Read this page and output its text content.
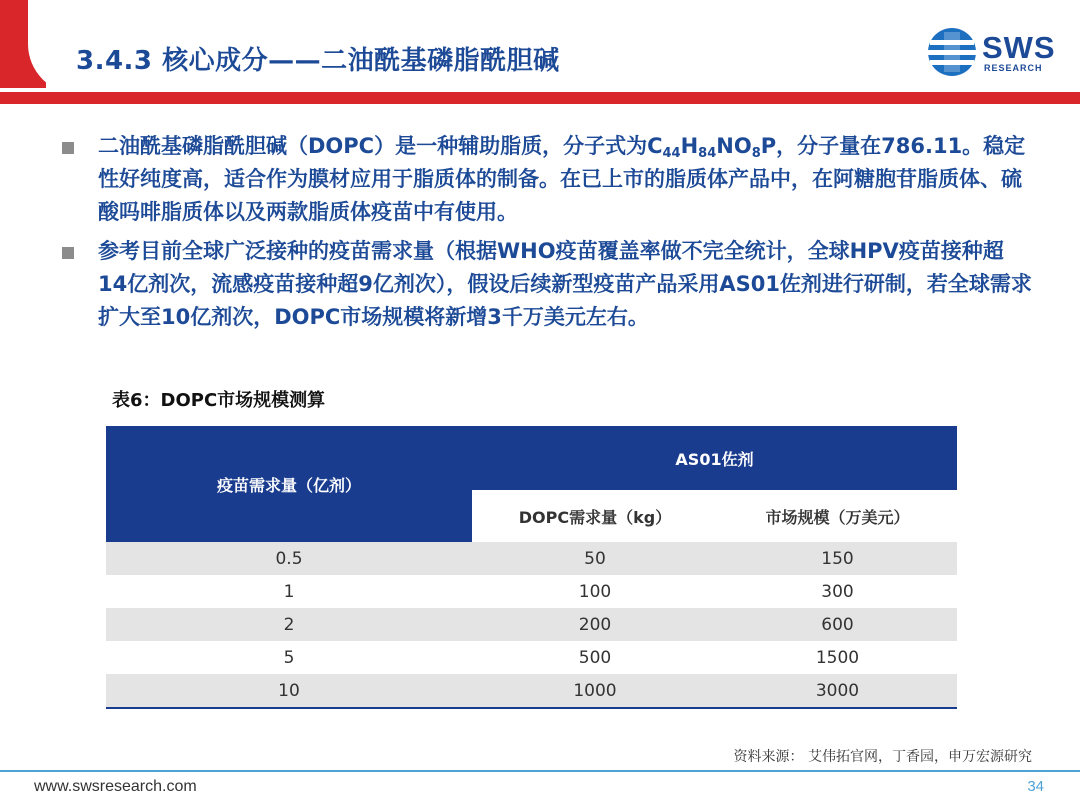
3.4.3 核心成分——二油酰基磷脂酰胆碱	SWS
RESEARCH
二油酰基磷脂酰胆碱（DOPC）是一种辅助脂质，分子式为$C_{44}H_{84}NO_8P$，分子量在786.11。稳定性好纯度高，适合作为膜材应用于脂质体的制备。在已上市的脂质体产品中，在阿糖胞苷脂质体、硫酸吗啡脂质体以及两款脂质体疫苗中有使用。
参考目前全球广泛接种的疫苗需求量（根据WHO疫苗覆盖率做不完全统计，全球HPV疫苗接种超14亿剂次，流感疫苗接种超9亿剂次），假设后续新型疫苗产品采用AS01佐剂进行研制，若全球需求扩大至10亿剂次，DOPC市场规模将新增3千万美元左右。
表6：DOPC市场规模测算
疫苗需求量（亿剂）	AS01佐剂	
	DOPC需求量（kg）	市场规模（万美元）
0.5	50	150
1	100	300
2	200	600
5	500	1500
10	1000	3000
资料来源： 艾伟拓官网，丁香园，申万宏源研究
www.swsresearch.com	34
